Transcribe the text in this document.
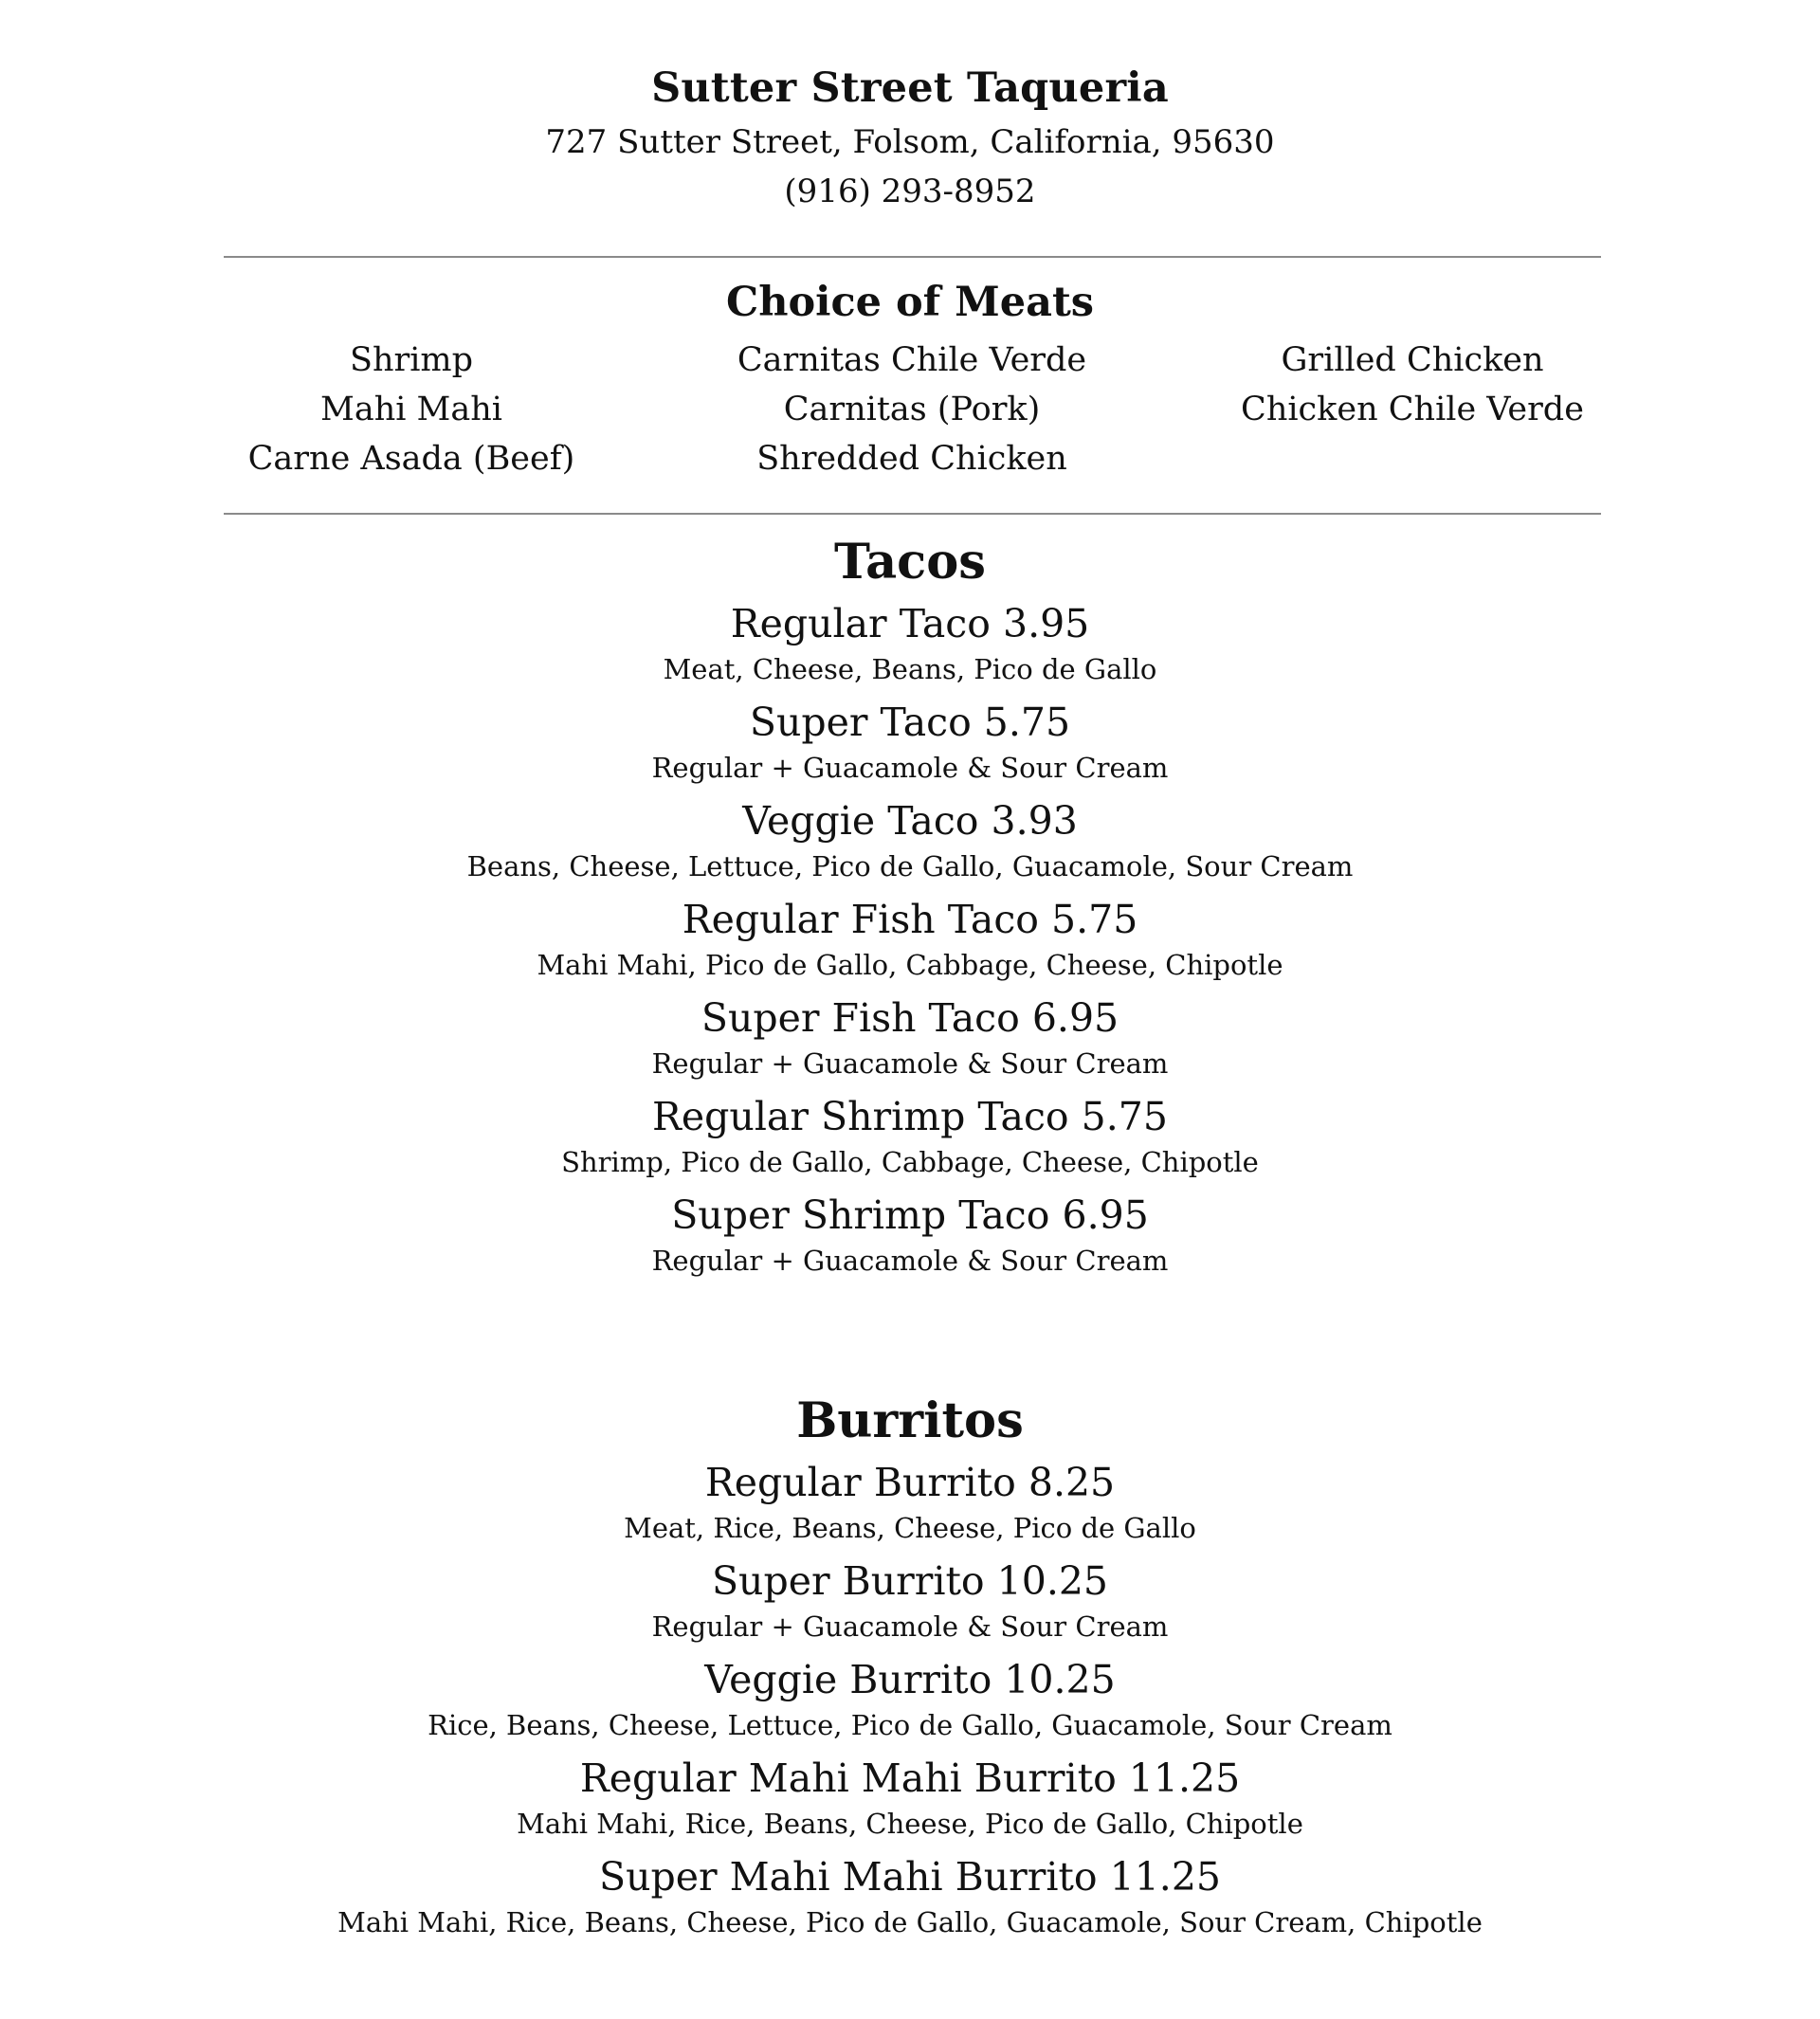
Sutter Street Taqueria
727 Sutter Street, Folsom, California, 95630
(916) 293-8952
Choice of Meats
Shrimp
Mahi Mahi
Carne Asada (Beef)
Carnitas Chile Verde
Carnitas (Pork)
Shredded Chicken
Grilled Chicken
Chicken Chile Verde
Tacos
Regular Taco 3.95
Meat, Cheese, Beans, Pico de Gallo
Super Taco 5.75
Regular + Guacamole & Sour Cream
Veggie Taco 3.93
Beans, Cheese, Lettuce, Pico de Gallo, Guacamole, Sour Cream
Regular Fish Taco 5.75
Mahi Mahi, Pico de Gallo, Cabbage, Cheese, Chipotle
Super Fish Taco 6.95
Regular + Guacamole & Sour Cream
Regular Shrimp Taco 5.75
Shrimp, Pico de Gallo, Cabbage, Cheese, Chipotle
Super Shrimp Taco 6.95
Regular + Guacamole & Sour Cream
Burritos
Regular Burrito 8.25
Meat, Rice, Beans, Cheese, Pico de Gallo
Super Burrito 10.25
Regular + Guacamole & Sour Cream
Veggie Burrito 10.25
Rice, Beans, Cheese, Lettuce, Pico de Gallo, Guacamole, Sour Cream
Regular Mahi Mahi Burrito 11.25
Mahi Mahi, Rice, Beans, Cheese, Pico de Gallo, Chipotle
Super Mahi Mahi Burrito 11.25
Mahi Mahi, Rice, Beans, Cheese, Pico de Gallo, Guacamole, Sour Cream, Chipotle
